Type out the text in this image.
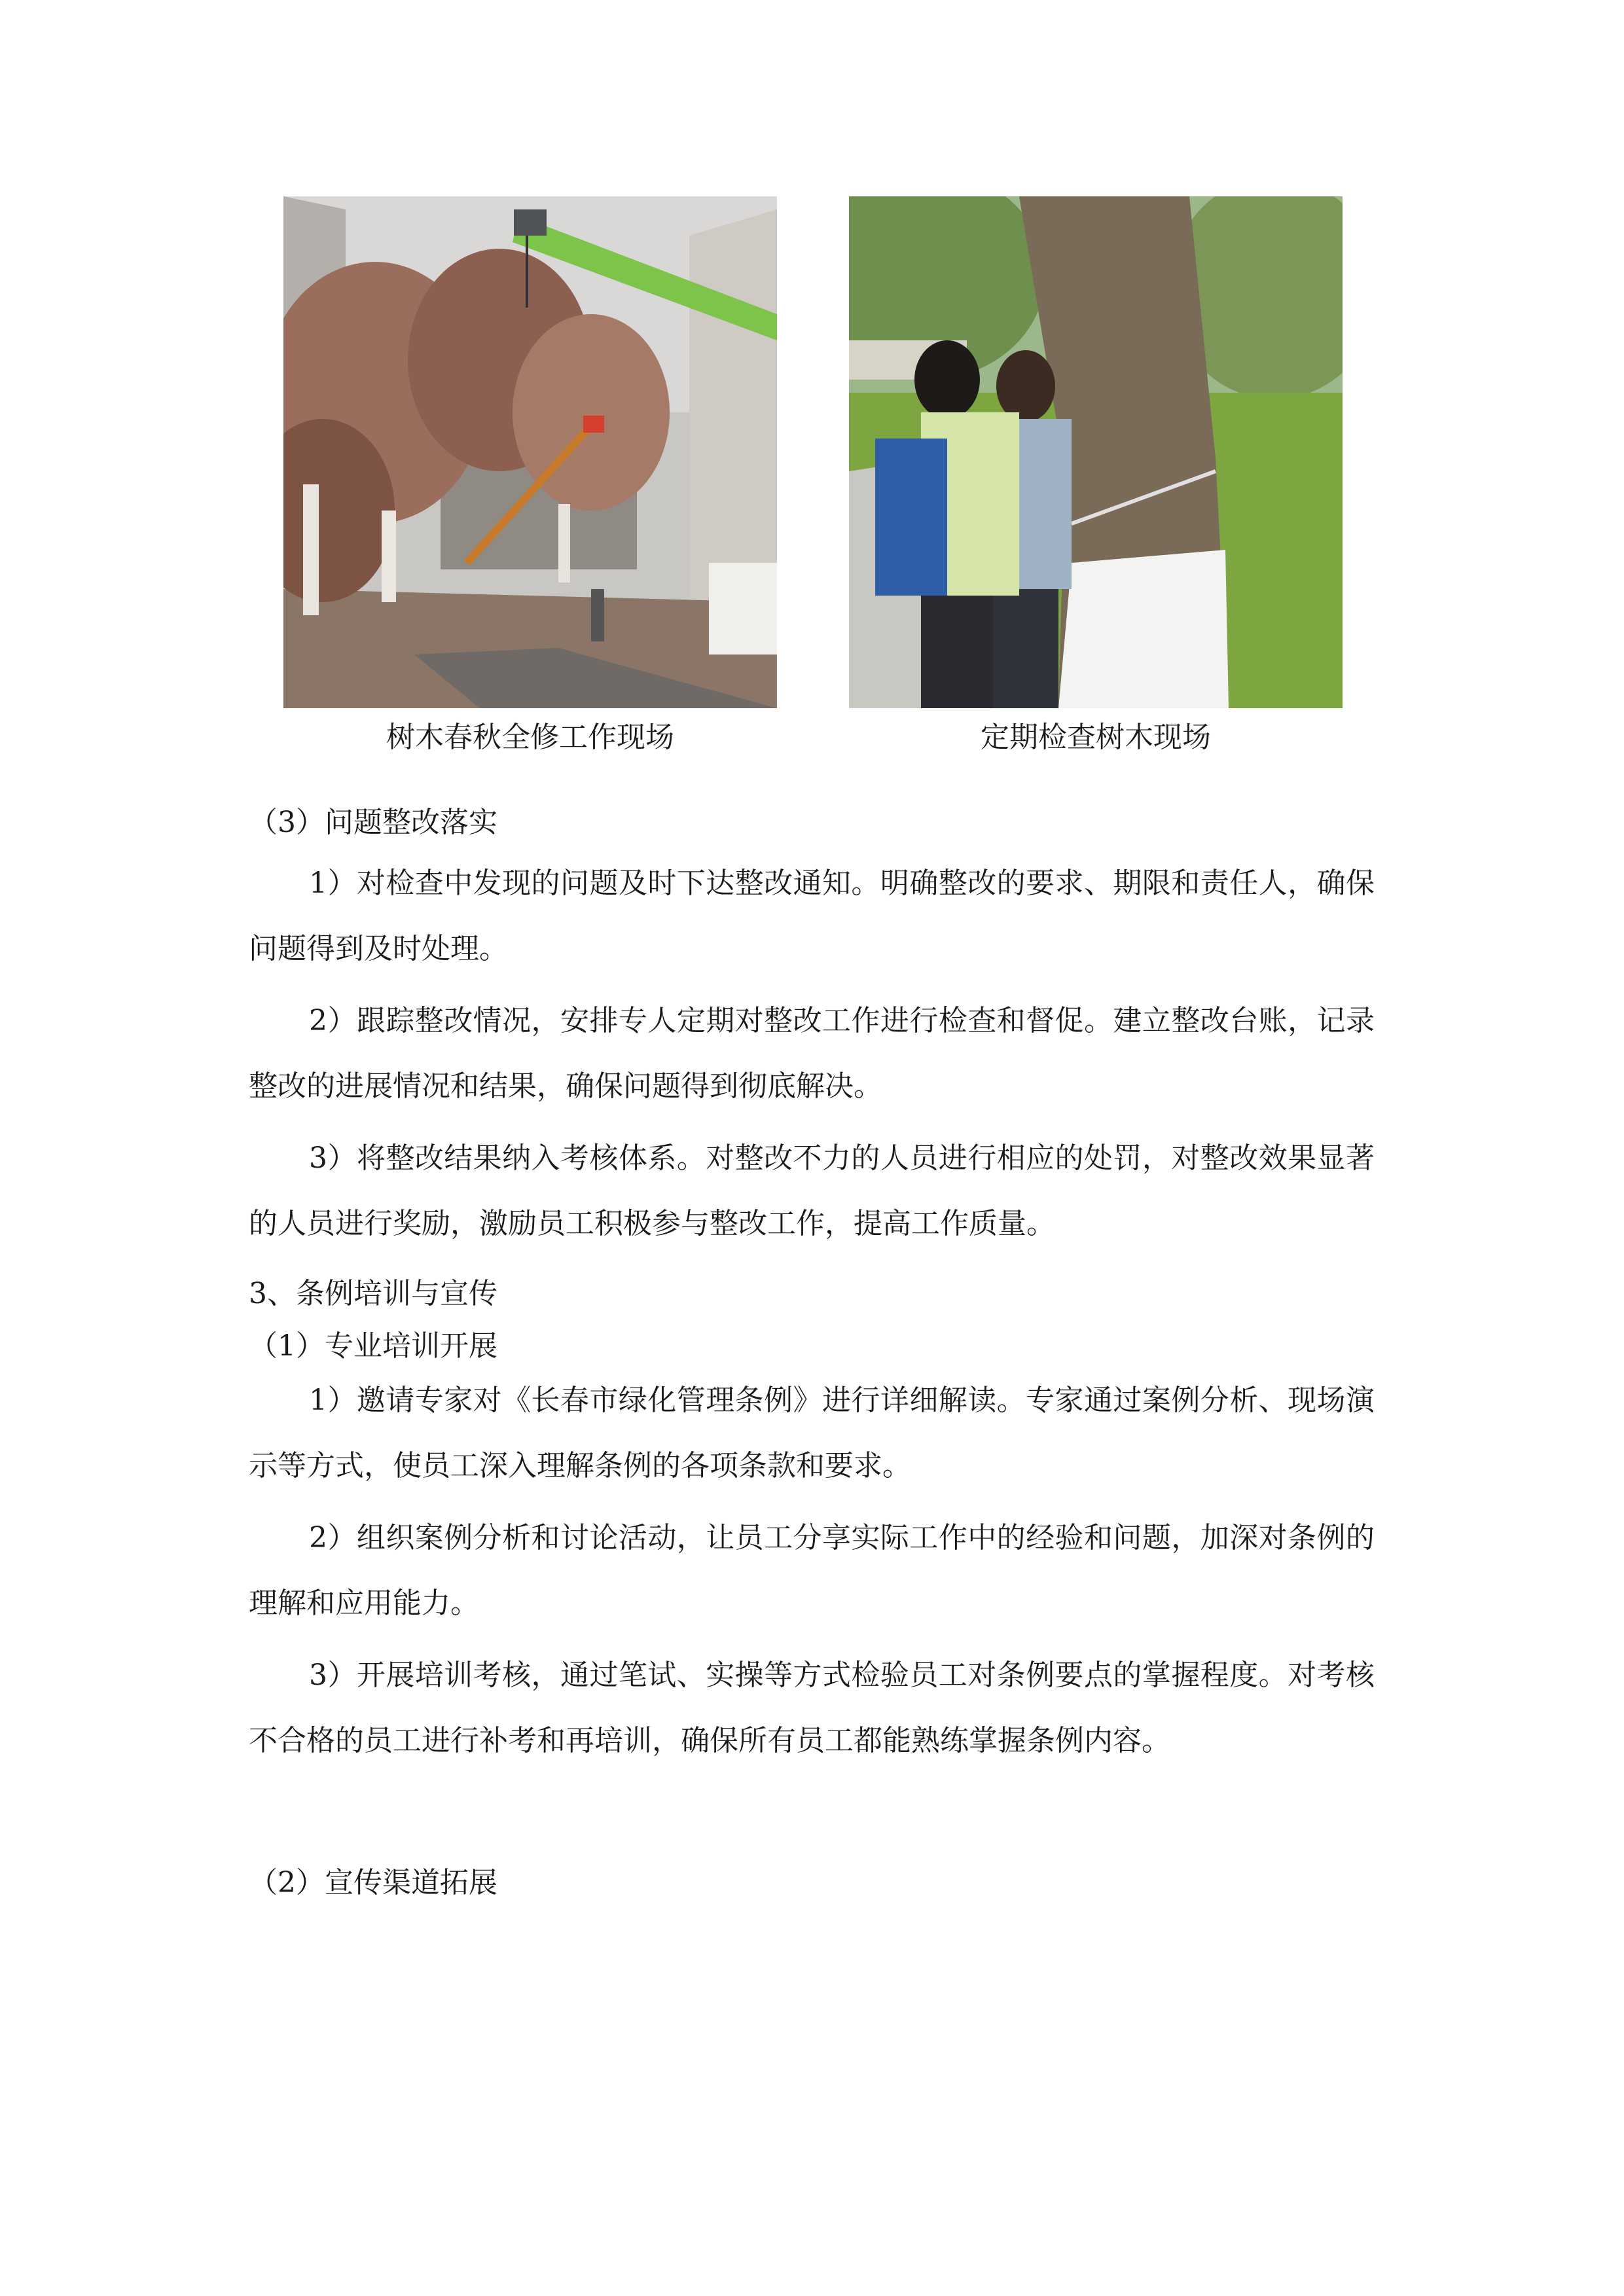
树木春秋全修工作现场	定期检查树木现场
（3）问题整改落实
1）对检查中发现的问题及时下达整改通知。明确整改的要求、期限和责任人，确保问题得到及时处理。
2）跟踪整改情况，安排专人定期对整改工作进行检查和督促。建立整改台账，记录整改的进展情况和结果，确保问题得到彻底解决。
3）将整改结果纳入考核体系。对整改不力的人员进行相应的处罚，对整改效果显著的人员进行奖励，激励员工积极参与整改工作，提高工作质量。
3、条例培训与宣传
（1）专业培训开展
1）邀请专家对《长春市绿化管理条例》进行详细解读。专家通过案例分析、现场演示等方式，使员工深入理解条例的各项条款和要求。
2）组织案例分析和讨论活动，让员工分享实际工作中的经验和问题，加深对条例的理解和应用能力。
3）开展培训考核，通过笔试、实操等方式检验员工对条例要点的掌握程度。对考核不合格的员工进行补考和再培训，确保所有员工都能熟练掌握条例内容。
（2）宣传渠道拓展
